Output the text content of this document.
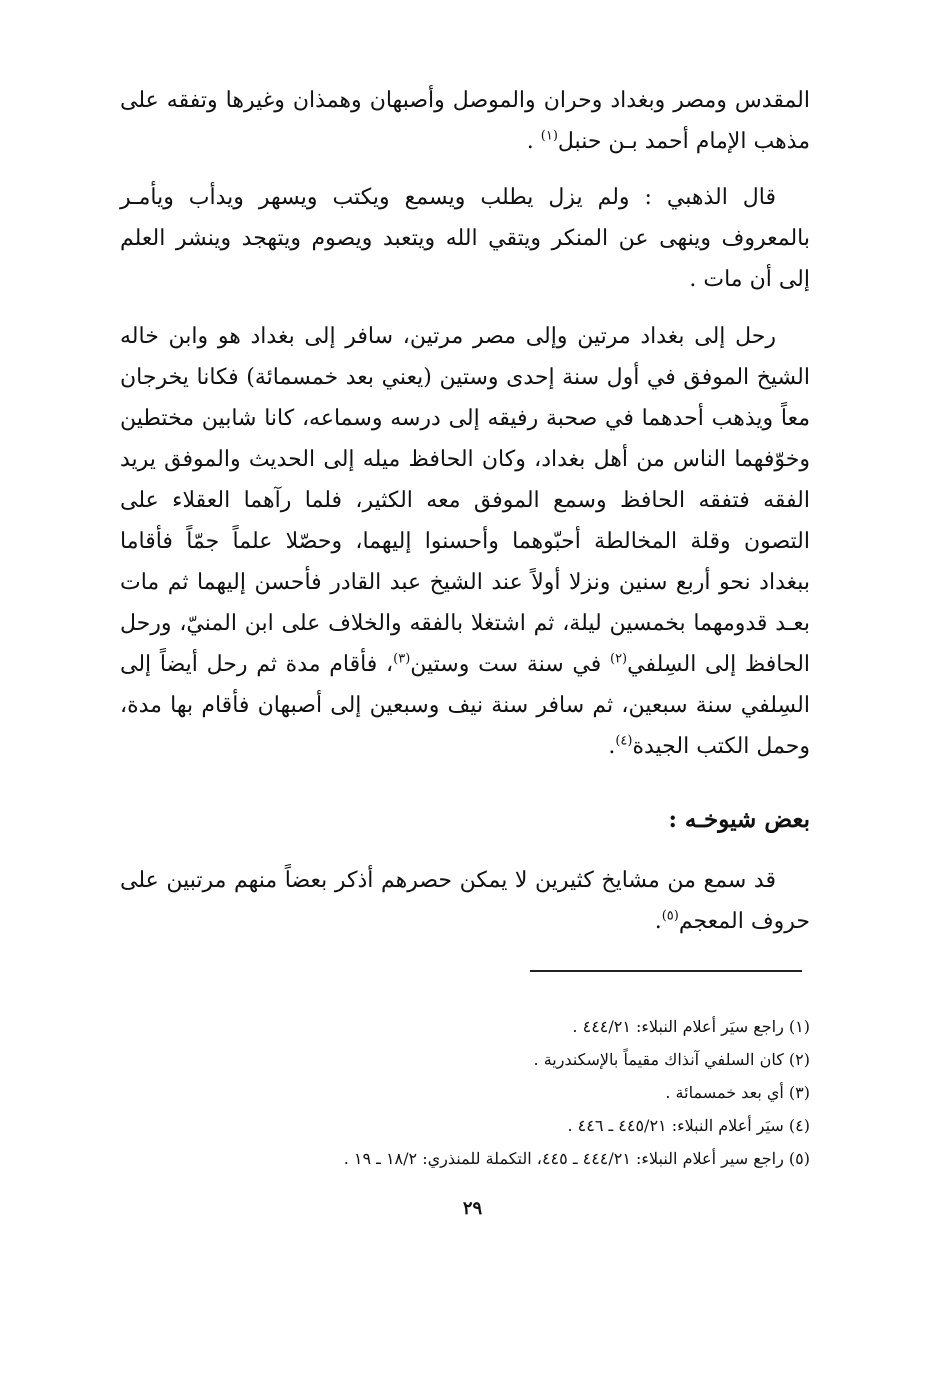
المقدس ومصر وبغداد وحران والموصل وأصبهان وهمذان وغيرها وتفقه على مذهب الإمام أحمد بـن حنبل$^{(١)}$ .
قال الذهبي : ولم يزل يطلب ويسمع ويكتب ويسهر ويدأب ويأمـر بالمعروف وينهى عن المنكر ويتقي الله ويتعبد ويصوم ويتهجد وينشر العلم إلى أن مات .
رحل إلى بغداد مرتين وإلى مصر مرتين، سافر إلى بغداد هو وابن خاله الشيخ الموفق في أول سنة إحدى وستين (يعني بعد خمسمائة) فكانا يخرجان معاً ويذهب أحدهما في صحبة رفيقه إلى درسه وسماعه، كانا شابين مختطين وخوّفهما الناس من أهل بغداد، وكان الحافظ ميله إلى الحديث والموفق يريد الفقه فتفقه الحافظ وسمع الموفق معه الكثير، فلما رآهما العقلاء على التصون وقلة المخالطة أحبّوهما وأحسنوا إليهما، وحصّلا علماً جمّاً فأقاما ببغداد نحو أربع سنين ونزلا أولاً عند الشيخ عبد القادر فأحسن إليهما ثم مات بعـد قدومهما بخمسين ليلة، ثم اشتغلا بالفقه والخلاف على ابن المنيّ، ورحل الحافظ إلى السِلفي$^{(٢)}$ في سنة ست وستين$^{(٣)}$، فأقام مدة ثم رحل أيضاً إلى السِلفي سنة سبعين، ثم سافر سنة نيف وسبعين إلى أصبهان فأقام بها مدة، وحمل الكتب الجيدة$^{(٤)}$.
بعض شيوخـه :
قد سمع من مشايخ كثيرين لا يمكن حصرهم أذكر بعضاً منهم مرتبين على حروف المعجم$^{(٥)}$.
(١) راجع سيَر أعلام النبلاء: ٤٤٤/٢١ .
(٢) كان السلفي آنذاك مقيماً بالإسكندرية .
(٣) أي بعد خمسمائة .
(٤) سيَر أعلام النبلاء: ٤٤٥/٢١ ـ ٤٤٦ .
(٥) راجع سير أعلام النبلاء: ٤٤٤/٢١ ـ ٤٤٥، التكملة للمنذري: ١٨/٢ ـ ١٩ .
٢٩
